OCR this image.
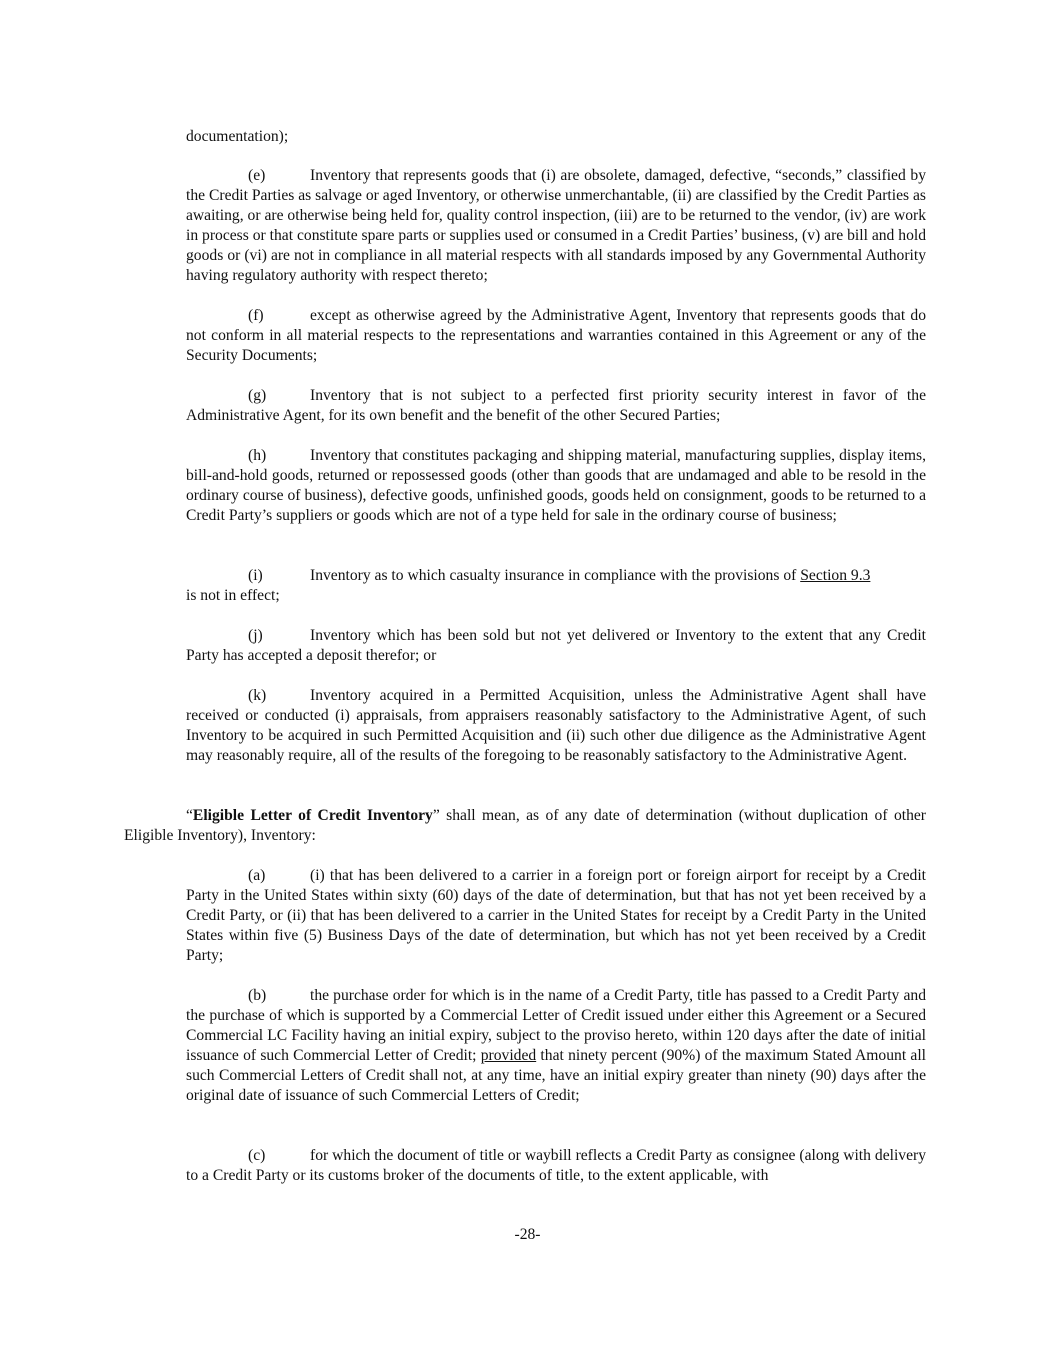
documentation);
(e)	Inventory that represents goods that (i) are obsolete, damaged, defective, “seconds,” classified by the Credit Parties as salvage or aged Inventory, or otherwise unmerchantable, (ii) are classified by the Credit Parties as awaiting, or are otherwise being held for, quality control inspection, (iii) are to be returned to the vendor, (iv) are work in process or that constitute spare parts or supplies used or consumed in a Credit Parties’ business, (v) are bill and hold goods or (vi) are not in compliance in all material respects with all standards imposed by any Governmental Authority having regulatory authority with respect thereto;
(f)	except as otherwise agreed by the Administrative Agent, Inventory that represents goods that do not conform in all material respects to the representations and warranties contained in this Agreement or any of the Security Documents;
(g)	Inventory that is not subject to a perfected first priority security interest in favor of the Administrative Agent, for its own benefit and the benefit of the other Secured Parties;
(h)	Inventory that constitutes packaging and shipping material, manufacturing supplies, display items, bill-and-hold goods, returned or repossessed goods (other than goods that are undamaged and able to be resold in the ordinary course of business), defective goods, unfinished goods, goods held on consignment, goods to be returned to a Credit Party’s suppliers or goods which are not of a type held for sale in the ordinary course of business;
(i)	Inventory as to which casualty insurance in compliance with the provisions of Section 9.3
is not in effect;
(j)	Inventory which has been sold but not yet delivered or Inventory to the extent that any Credit Party has accepted a deposit therefor; or
(k)	Inventory acquired in a Permitted Acquisition, unless the Administrative Agent shall have received or conducted (i) appraisals, from appraisers reasonably satisfactory to the Administrative Agent, of such Inventory to be acquired in such Permitted Acquisition and (ii) such other due diligence as the Administrative Agent may reasonably require, all of the results of the foregoing to be reasonably satisfactory to the Administrative Agent.
“Eligible Letter of Credit Inventory” shall mean, as of any date of determination (without duplication of other Eligible Inventory), Inventory:
(a)	(i) that has been delivered to a carrier in a foreign port or foreign airport for receipt by a Credit Party in the United States within sixty (60) days of the date of determination, but that has not yet been received by a Credit Party, or (ii) that has been delivered to a carrier in the United States for receipt by a Credit Party in the United States within five (5) Business Days of the date of determination, but which has not yet been received by a Credit Party;
(b)	the purchase order for which is in the name of a Credit Party, title has passed to a Credit Party and the purchase of which is supported by a Commercial Letter of Credit issued under either this Agreement or a Secured Commercial LC Facility having an initial expiry, subject to the proviso hereto, within 120 days after the date of initial issuance of such Commercial Letter of Credit; provided that ninety percent (90%) of the maximum Stated Amount all such Commercial Letters of Credit shall not, at any time, have an initial expiry greater than ninety (90) days after the original date of issuance of such Commercial Letters of Credit;
(c)	for which the document of title or waybill reflects a Credit Party as consignee (along with delivery to a Credit Party or its customs broker of the documents of title, to the extent applicable, with
-28-
